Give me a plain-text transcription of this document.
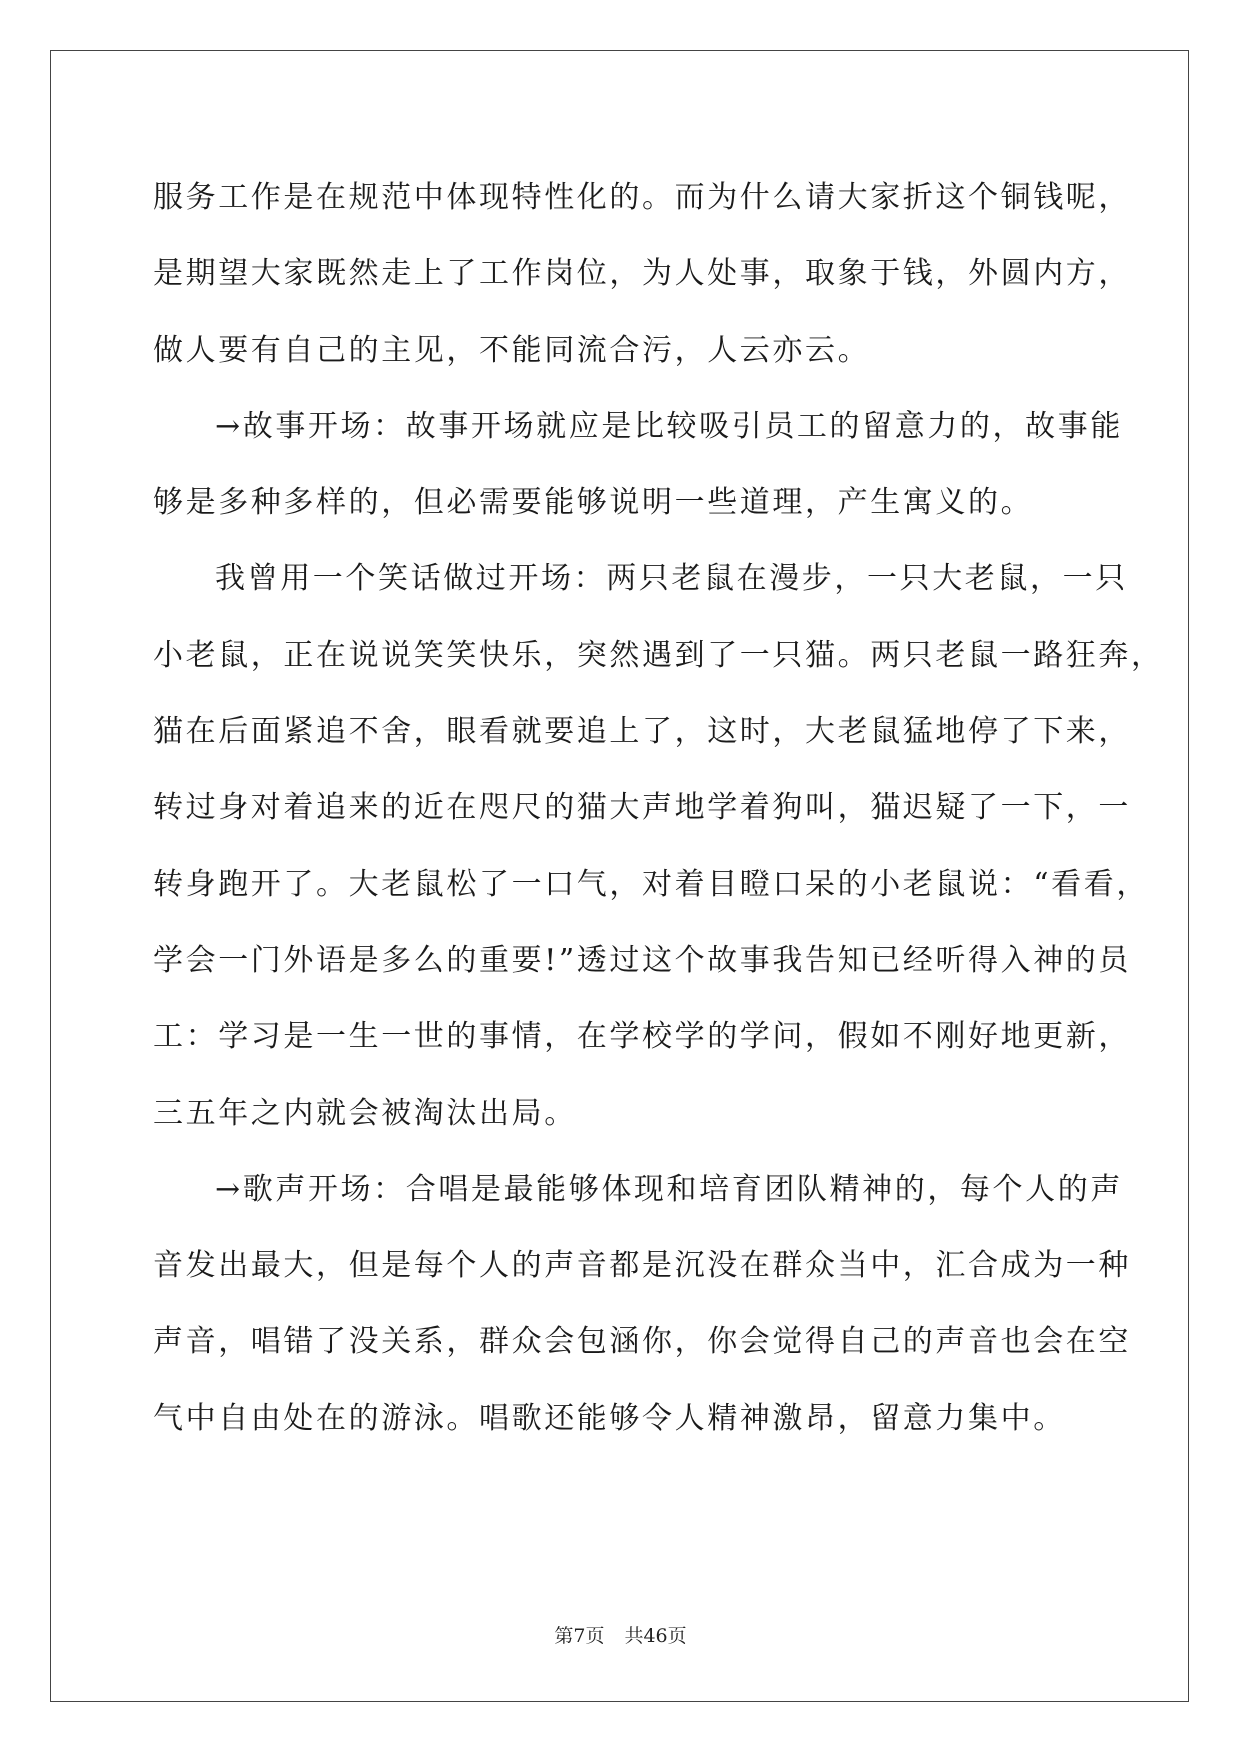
服务工作是在规范中体现特性化的。而为什么请大家折这个铜钱呢，
是期望大家既然走上了工作岗位，为人处事，取象于钱，外圆内方，
做人要有自己的主见，不能同流合污，人云亦云。
→故事开场：故事开场就应是比较吸引员工的留意力的，故事能
够是多种多样的，但必需要能够说明一些道理，产生寓义的。
我曾用一个笑话做过开场：两只老鼠在漫步，一只大老鼠，一只
小老鼠，正在说说笑笑快乐，突然遇到了一只猫。两只老鼠一路狂奔，
猫在后面紧追不舍，眼看就要追上了，这时，大老鼠猛地停了下来，
转过身对着追来的近在咫尺的猫大声地学着狗叫，猫迟疑了一下，一
转身跑开了。大老鼠松了一口气，对着目瞪口呆的小老鼠说：“看看，
学会一门外语是多么的重要!”透过这个故事我告知已经听得入神的员
工：学习是一生一世的事情，在学校学的学问，假如不刚好地更新，
三五年之内就会被淘汰出局。
→歌声开场：合唱是最能够体现和培育团队精神的，每个人的声
音发出最大，但是每个人的声音都是沉没在群众当中，汇合成为一种
声音，唱错了没关系，群众会包涵你，你会觉得自己的声音也会在空
气中自由处在的游泳。唱歌还能够令人精神激昂，留意力集中。
第7页 共46页
